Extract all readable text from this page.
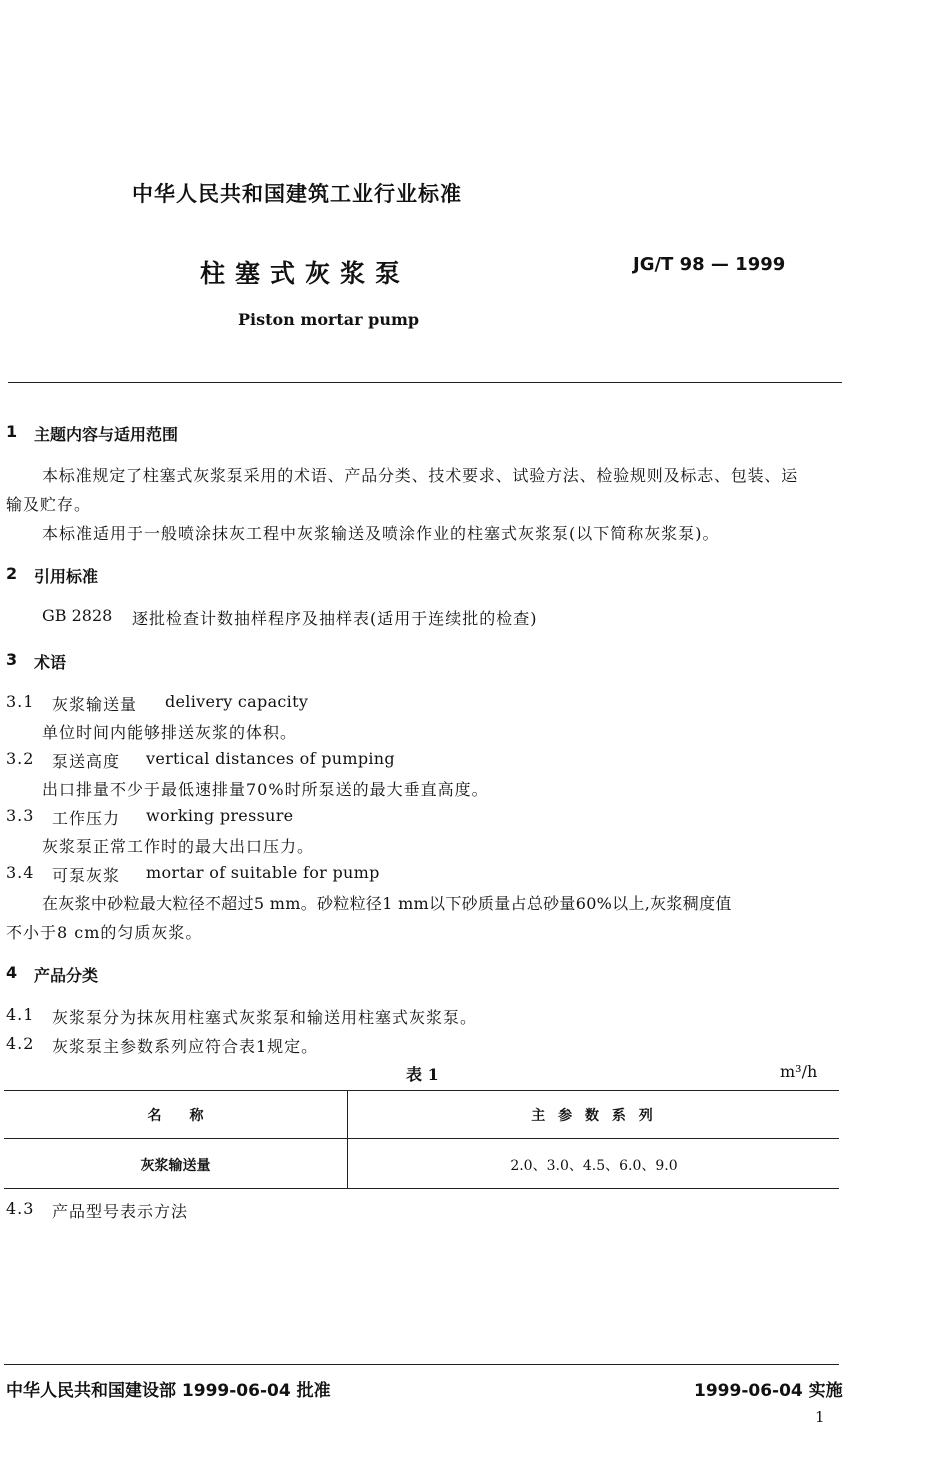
中华人民共和国建筑工业行业标准
柱塞式灰浆泵	JG/T 98 — 1999
Piston mortar pump
1 主题内容与适用范围
本标准规定了柱塞式灰浆泵采用的术语、产品分类、技术要求、试验方法、检验规则及标志、包装、运
输及贮存。
本标准适用于一般喷涂抹灰工程中灰浆输送及喷涂作业的柱塞式灰浆泵(以下简称灰浆泵)。
2 引用标准
GB 2828 逐批检查计数抽样程序及抽样表(适用于连续批的检查)
3 术语
3.1 灰浆输送量 delivery capacity
单位时间内能够排送灰浆的体积。
3.2 泵送高度 vertical distances of pumping
出口排量不少于最低速排量70%时所泵送的最大垂直高度。
3.3 工作压力 working pressure
灰浆泵正常工作时的最大出口压力。
3.4 可泵灰浆 mortar of suitable for pump
在灰浆中砂粒最大粒径不超过5 mm。砂粒粒径1 mm以下砂质量占总砂量60%以上,灰浆稠度值
不小于8 cm的匀质灰浆。
4 产品分类
4.1 灰浆泵分为抹灰用柱塞式灰浆泵和输送用柱塞式灰浆泵。
4.2 灰浆泵主参数系列应符合表1规定。
表 1	m³/h
名　　称	主 参 数 系 列
灰浆输送量	2.0、3.0、4.5、6.0、9.0
4.3 产品型号表示方法
中华人民共和国建设部 1999-06-04 批准	1999-06-04 实施
1
